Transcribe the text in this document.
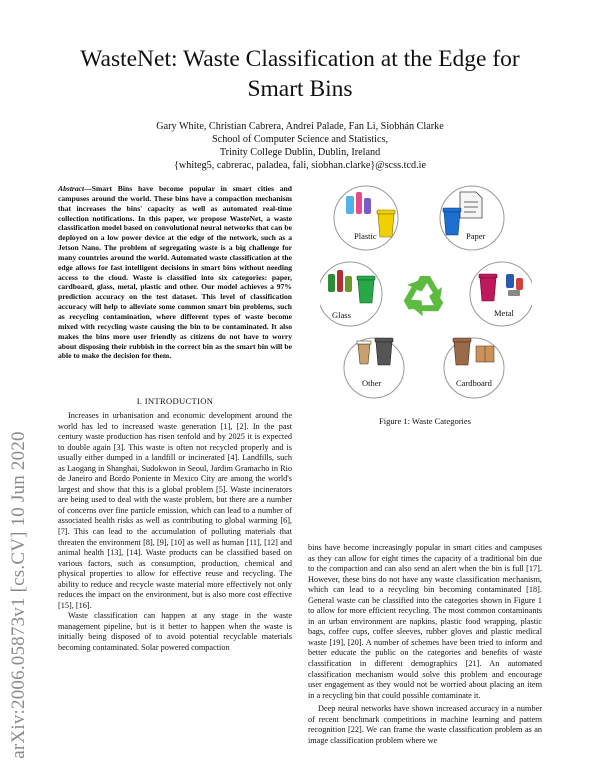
arXiv:2006.05873v1 [cs.CV] 10 Jun 2020
WasteNet: Waste Classification at the Edge for
Smart Bins
Gary White, Christian Cabrera, Andrei Palade, Fan Li, Siobhán Clarke
School of Computer Science and Statistics,
Trinity College Dublin, Dublin, Ireland
{whiteg5, cabrerac, paladea, fali, siobhan.clarke}@scss.tcd.ie
Abstract—Smart Bins have become popular in smart cities and campuses around the world. These bins have a compaction mechanism that increases the bins' capacity as well as automated real-time collection notifications. In this paper, we propose WasteNet, a waste classification model based on convolutional neural networks that can be deployed on a low power device at the edge of the network, such as a Jetson Nano. The problem of segregating waste is a big challenge for many countries around the world. Automated waste classification at the edge allows for fast intelligent decisions in smart bins without needing access to the cloud. Waste is classified into six categories: paper, cardboard, glass, metal, plastic and other. Our model achieves a 97% prediction accuracy on the test dataset. This level of classification accuracy will help to alleviate some common smart bin problems, such as recycling contamination, where different types of waste become mixed with recycling waste causing the bin to be contaminated. It also makes the bins more user friendly as citizens do not have to worry about disposing their rubbish in the correct bin as the smart bin will be able to make the decision for them.
I. INTRODUCTION

Increases in urbanisation and economic development around the world has led to increased waste generation [1], [2]. In the past century waste production has risen tenfold and by 2025 it is expected to double again [3]. This waste is often not recycled properly and is usually either dumped in a landfill or incinerated [4]. Landfills, such as Laogang in Shanghai, Sudokwon in Seoul, Jardim Gramacho in Rio de Janeiro and Bordo Poniente in Mexico City are among the world's largest and show that this is a global problem [5]. Waste incinerators are being used to deal with the waste problem, but there are a number of concerns over fine particle emission, which can lead to a number of associated health risks as well as contributing to global warming [6], [7]. This can lead to the accumulation of polluting materials that threaten the environment [8], [9], [10] as well as human [11], [12] and animal health [13], [14]. Waste products can be classified based on various factors, such as consumption, production, chemical and physical properties to allow for effective reuse and recycling. The ability to reduce and recycle waste material more effectively not only reduces the impact on the environment, but is also more cost effective [15], [16].

Waste classification can happen at any stage in the waste management pipeline, but is it better to happen when the waste is initially being disposed of to avoid potential recyclable materials becoming contaminated. Solar powered compaction

Plastic	Paper
Glass	Metal
Other	Cardboard
Figure 1: Waste Categories

bins have become increasingly popular in smart cities and campuses as they can allow for eight times the capacity of a traditional bin due to the compaction and can also send an alert when the bin is full [17]. However, these bins do not have any waste classification mechanism, which can lead to a recycling bin becoming contaminated [18]. General waste can be classified into the categories shown in Figure 1 to allow for more efficient recycling. The most common contaminants in an urban environment are napkins, plastic food wrapping, plastic bags, coffee cups, coffee sleeves, rubber gloves and plastic medical waste [19], [20]. A number of schemes have been tried to inform and better educate the public on the categories and benefits of waste classification in different demographics [21]. An automated classification mechanism would solve this problem and encourage user engagement as they would not be worried about placing an item in a recycling bin that could possible contaminate it.

Deep neural networks have shown increased accuracy in a number of recent benchmark competitions in machine learning and pattern recognition [22]. We can frame the waste classification problem as an image classification problem where we
